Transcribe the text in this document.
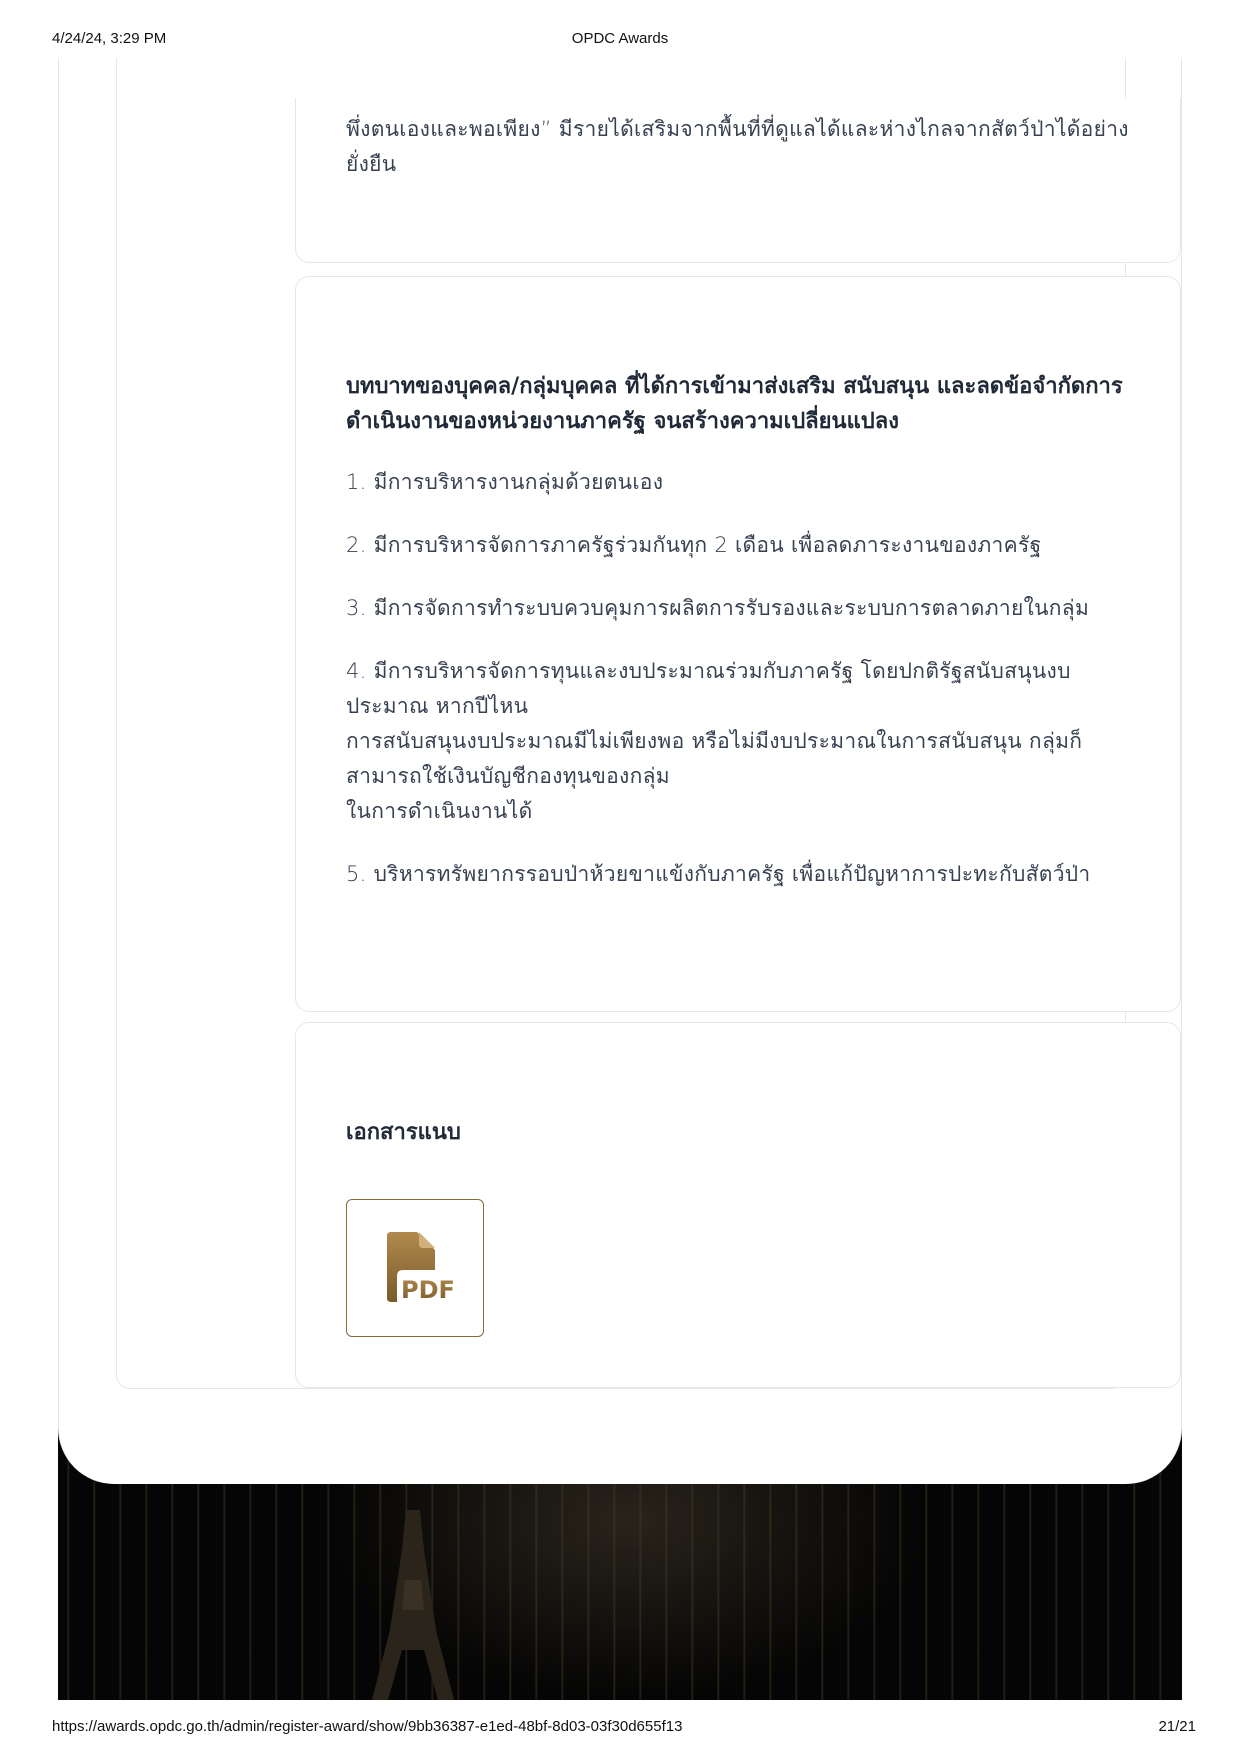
4/24/24, 3:29 PM	OPDC Awards

พึ่งตนเองและพอเพียง” มีรายได้เสริมจากพื้นที่ที่ดูแลได้และห่างไกลจากสัตว์ป่าได้อย่างยั่งยืน

บทบาทของบุคคล/กลุ่มบุคคล ที่ได้การเข้ามาส่งเสริม สนับสนุน และลดข้อจำกัดการดำเนินงานของหน่วยงานภาครัฐ จนสร้างความเปลี่ยนแปลง
1. มีการบริหารงานกลุ่มด้วยตนเอง
2. มีการบริหารจัดการภาครัฐร่วมกันทุก 2 เดือน เพื่อลดภาระงานของภาครัฐ
3. มีการจัดการทำระบบควบคุมการผลิตการรับรองและระบบการตลาดภายในกลุ่ม
4. มีการบริหารจัดการทุนและงบประมาณร่วมกับภาครัฐ โดยปกติรัฐสนับสนุนงบประมาณ หากปีไหน
การสนับสนุนงบประมาณมีไม่เพียงพอ หรือไม่มีงบประมาณในการสนับสนุน กลุ่มก็สามารถใช้เงินบัญชีกองทุนของกลุ่ม
ในการดำเนินงานได้
5. บริหารทรัพยากรรอบป่าห้วยขาแข้งกับภาครัฐ เพื่อแก้ปัญหาการปะทะกับสัตว์ป่า
เอกสารแนบ
PDF
https://awards.opdc.go.th/admin/register-award/show/9bb36387-e1ed-48bf-8d03-03f30d655f13	21/21
